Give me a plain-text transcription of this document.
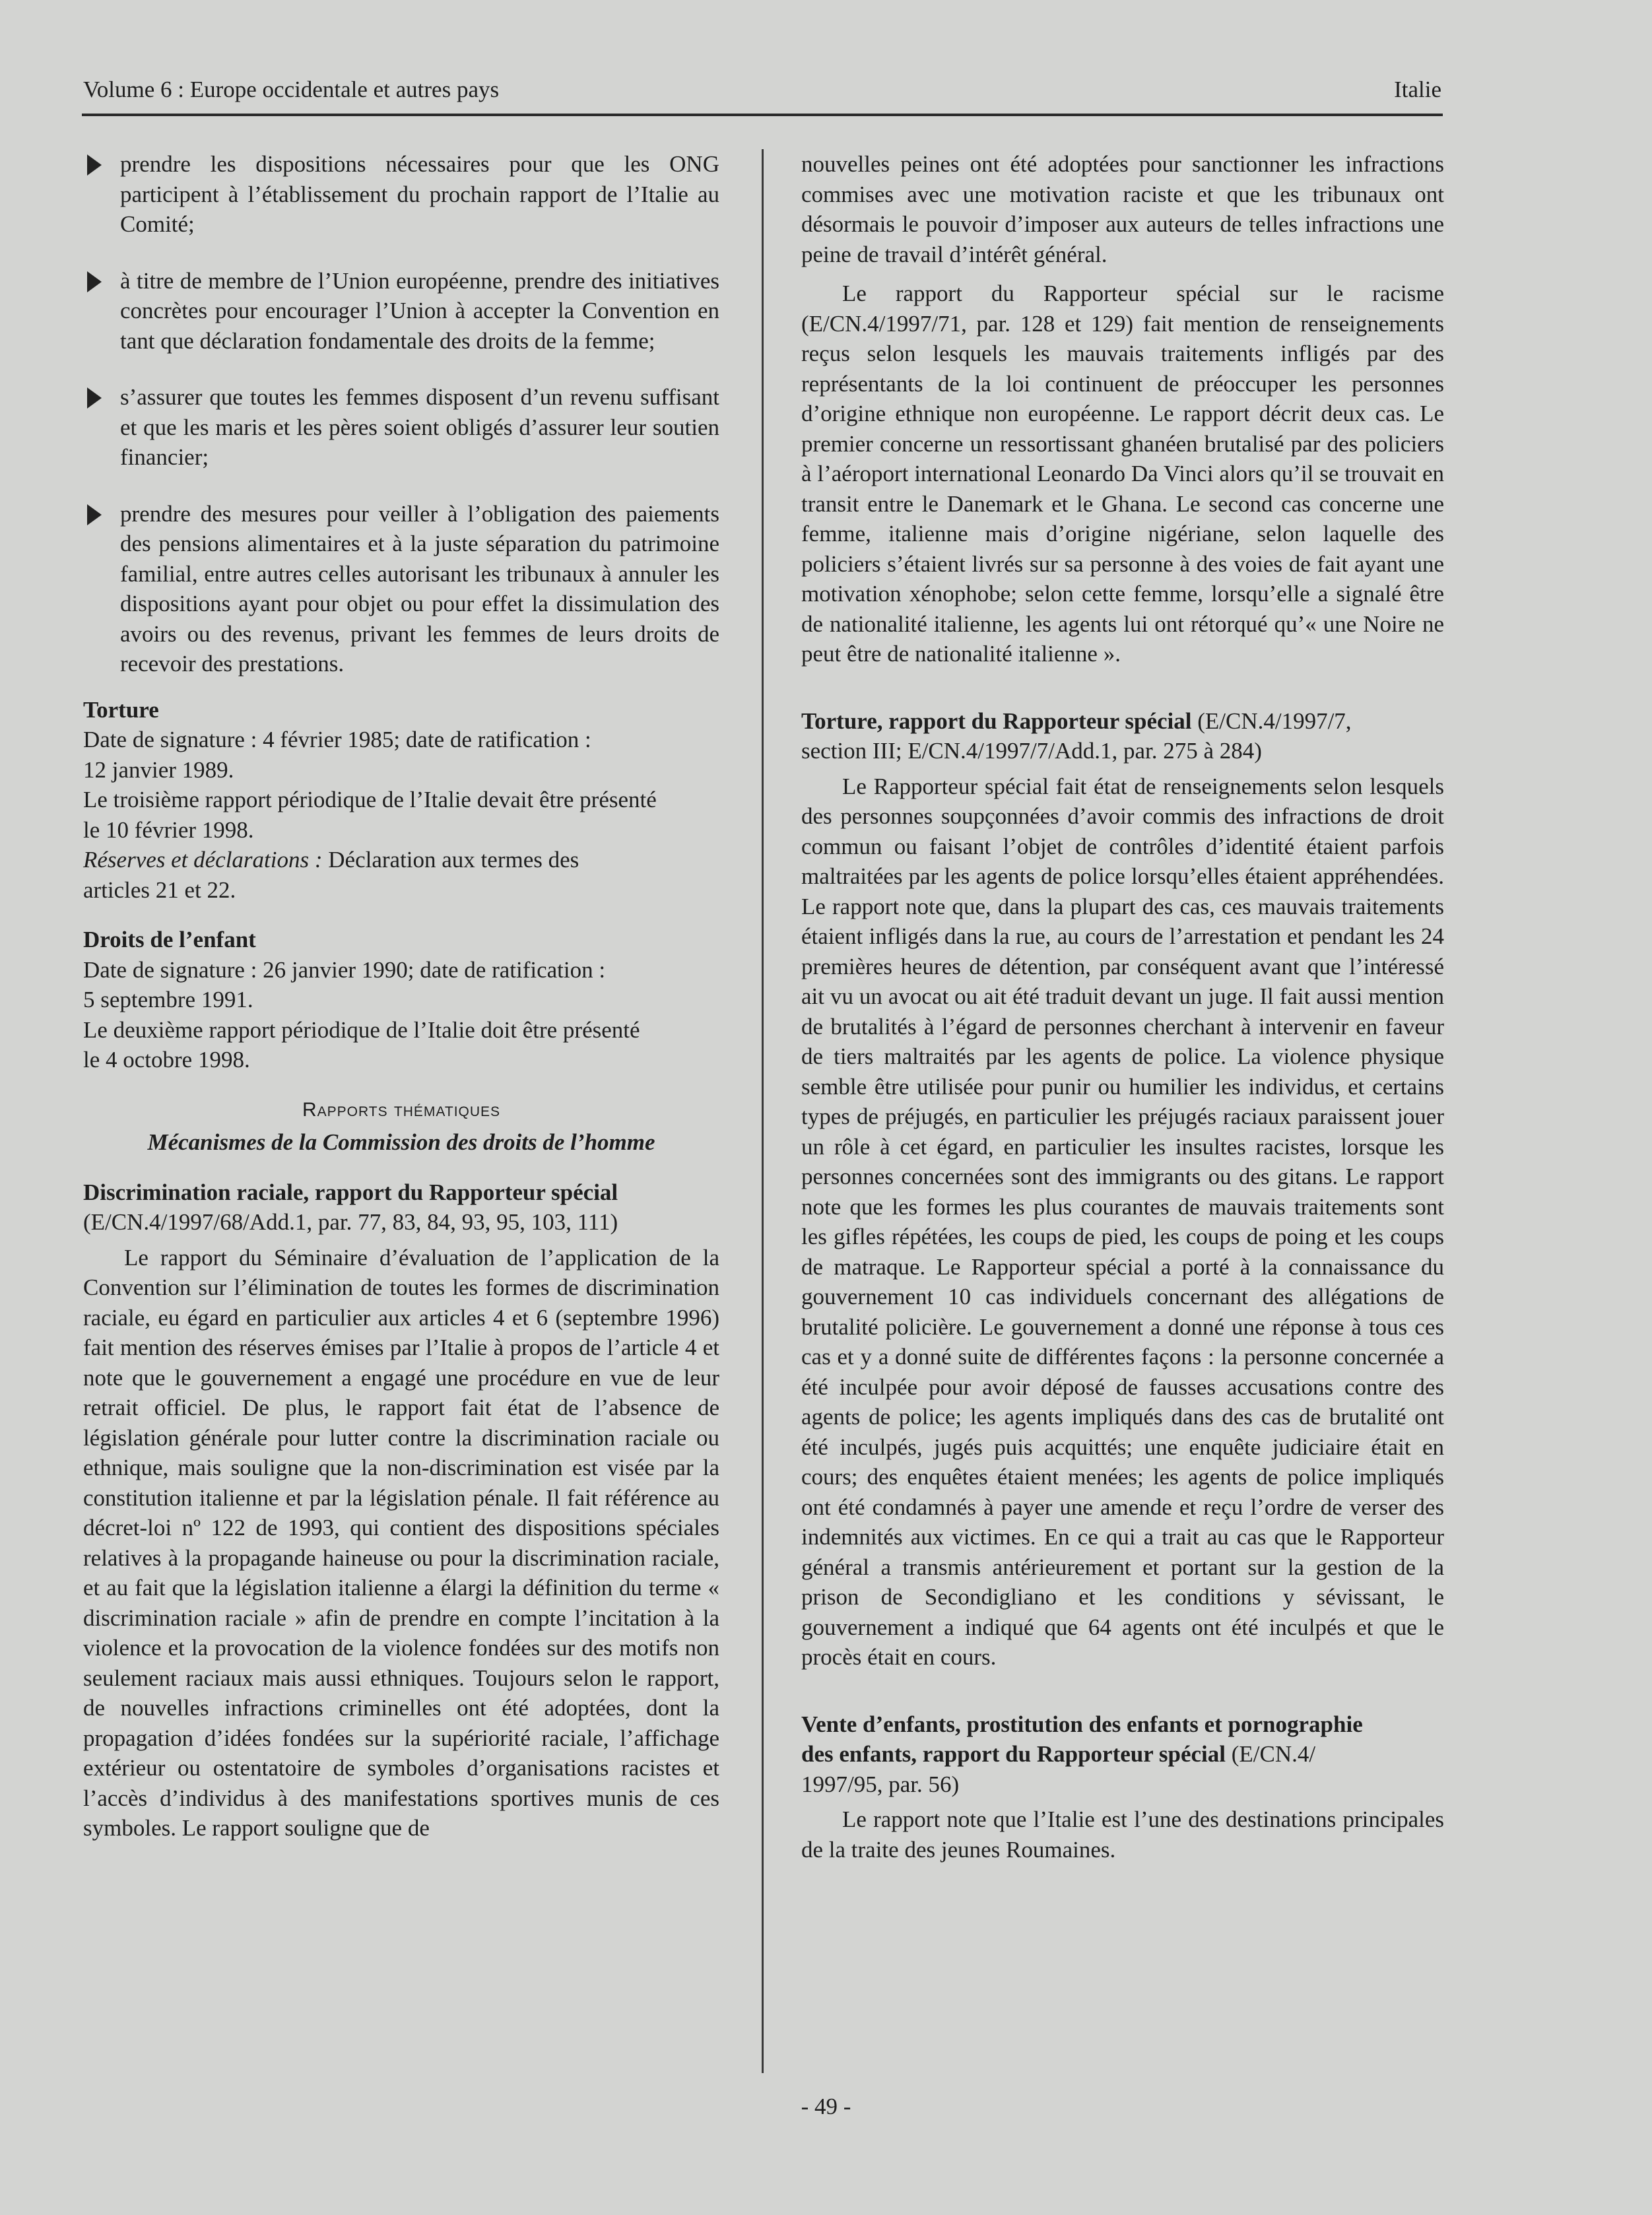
Volume 6 : Europe occidentale et autres pays	Italie
prendre les dispositions nécessaires pour que les ONG participent à l’établissement du prochain rapport de l’Italie au Comité;
à titre de membre de l’Union européenne, prendre des initiatives concrètes pour encourager l’Union à accepter la Convention en tant que déclaration fondamentale des droits de la femme;
s’assurer que toutes les femmes disposent d’un revenu suffisant et que les maris et les pères soient obligés d’assurer leur soutien financier;
prendre des mesures pour veiller à l’obligation des paiements des pensions alimentaires et à la juste séparation du patrimoine familial, entre autres celles autorisant les tribunaux à annuler les dispositions ayant pour objet ou pour effet la dissimulation des avoirs ou des revenus, privant les femmes de leurs droits de recevoir des prestations.

Torture

Date de signature : 4 février 1985; date de ratification :
12 janvier 1989.
Le troisième rapport périodique de l’Italie devait être présenté
le 10 février 1998.
Réserves et déclarations : Déclaration aux termes des
articles 21 et 22.

Droits de l’enfant

Date de signature : 26 janvier 1990; date de ratification :
5 septembre 1991.
Le deuxième rapport périodique de l’Italie doit être présenté
le 4 octobre 1998.

Rapports thématiques

Mécanismes de la Commission des droits de l’homme

Discrimination raciale, rapport du Rapporteur spécial

(E/CN.4/1997/68/Add.1, par. 77, 83, 84, 93, 95, 103, 111)

Le rapport du Séminaire d’évaluation de l’application de la Convention sur l’élimination de toutes les formes de discrimination raciale, eu égard en particulier aux articles 4 et 6 (septembre 1996) fait mention des réserves émises par l’Italie à propos de l’article 4 et note que le gouvernement a engagé une procédure en vue de leur retrait officiel. De plus, le rapport fait état de l’absence de législation générale pour lutter contre la discrimination raciale ou ethnique, mais souligne que la non-discrimination est visée par la constitution italienne et par la législation pénale. Il fait référence au décret-loi nº 122 de 1993, qui contient des dispositions spéciales relatives à la propagande haineuse ou pour la discrimination raciale, et au fait que la législation italienne a élargi la définition du terme « discrimination raciale » afin de prendre en compte l’incitation à la violence et la provocation de la violence fondées sur des motifs non seulement raciaux mais aussi ethniques. Toujours selon le rapport, de nouvelles infractions criminelles ont été adoptées, dont la propagation d’idées fondées sur la supériorité raciale, l’affichage extérieur ou ostentatoire de symboles d’organisations racistes et l’accès d’individus à des manifestations sportives munis de ces symboles. Le rapport souligne que de

nouvelles peines ont été adoptées pour sanctionner les infractions commises avec une motivation raciste et que les tribunaux ont désormais le pouvoir d’imposer aux auteurs de telles infractions une peine de travail d’intérêt général.

Le rapport du Rapporteur spécial sur le racisme (E/CN.4/1997/71, par. 128 et 129) fait mention de renseignements reçus selon lesquels les mauvais traitements infligés par des représentants de la loi continuent de préoccuper les personnes d’origine ethnique non européenne. Le rapport décrit deux cas. Le premier concerne un ressortissant ghanéen brutalisé par des policiers à l’aéroport international Leonardo Da Vinci alors qu’il se trouvait en transit entre le Danemark et le Ghana. Le second cas concerne une femme, italienne mais d’origine nigériane, selon laquelle des policiers s’étaient livrés sur sa personne à des voies de fait ayant une motivation xénophobe; selon cette femme, lorsqu’elle a signalé être de nationalité italienne, les agents lui ont rétorqué qu’« une Noire ne peut être de nationalité italienne ».

Torture, rapport du Rapporteur spécial (E/CN.4/1997/7,

section III; E/CN.4/1997/7/Add.1, par. 275 à 284)

Le Rapporteur spécial fait état de renseignements selon lesquels des personnes soupçonnées d’avoir commis des infractions de droit commun ou faisant l’objet de contrôles d’identité étaient parfois maltraitées par les agents de police lorsqu’elles étaient appréhendées. Le rapport note que, dans la plupart des cas, ces mauvais traitements étaient infligés dans la rue, au cours de l’arrestation et pendant les 24 premières heures de détention, par conséquent avant que l’intéressé ait vu un avocat ou ait été traduit devant un juge. Il fait aussi mention de brutalités à l’égard de personnes cherchant à intervenir en faveur de tiers maltraités par les agents de police. La violence physique semble être utilisée pour punir ou humilier les individus, et certains types de préjugés, en particulier les préjugés raciaux paraissent jouer un rôle à cet égard, en particulier les insultes racistes, lorsque les personnes concernées sont des immigrants ou des gitans. Le rapport note que les formes les plus courantes de mauvais traitements sont les gifles répétées, les coups de pied, les coups de poing et les coups de matraque. Le Rapporteur spécial a porté à la connaissance du gouvernement 10 cas individuels concernant des allégations de brutalité policière. Le gouvernement a donné une réponse à tous ces cas et y a donné suite de différentes façons : la personne concernée a été inculpée pour avoir déposé de fausses accusations contre des agents de police; les agents impliqués dans des cas de brutalité ont été inculpés, jugés puis acquittés; une enquête judiciaire était en cours; des enquêtes étaient menées; les agents de police impliqués ont été condamnés à payer une amende et reçu l’ordre de verser des indemnités aux victimes. En ce qui a trait au cas que le Rapporteur général a transmis antérieurement et portant sur la gestion de la prison de Secondigliano et les conditions y sévissant, le gouvernement a indiqué que 64 agents ont été inculpés et que le procès était en cours.

Vente d’enfants, prostitution des enfants et pornographie

des enfants, rapport du Rapporteur spécial (E/CN.4/

1997/95, par. 56)

Le rapport note que l’Italie est l’une des destinations principales de la traite des jeunes Roumaines.

- 49 -
